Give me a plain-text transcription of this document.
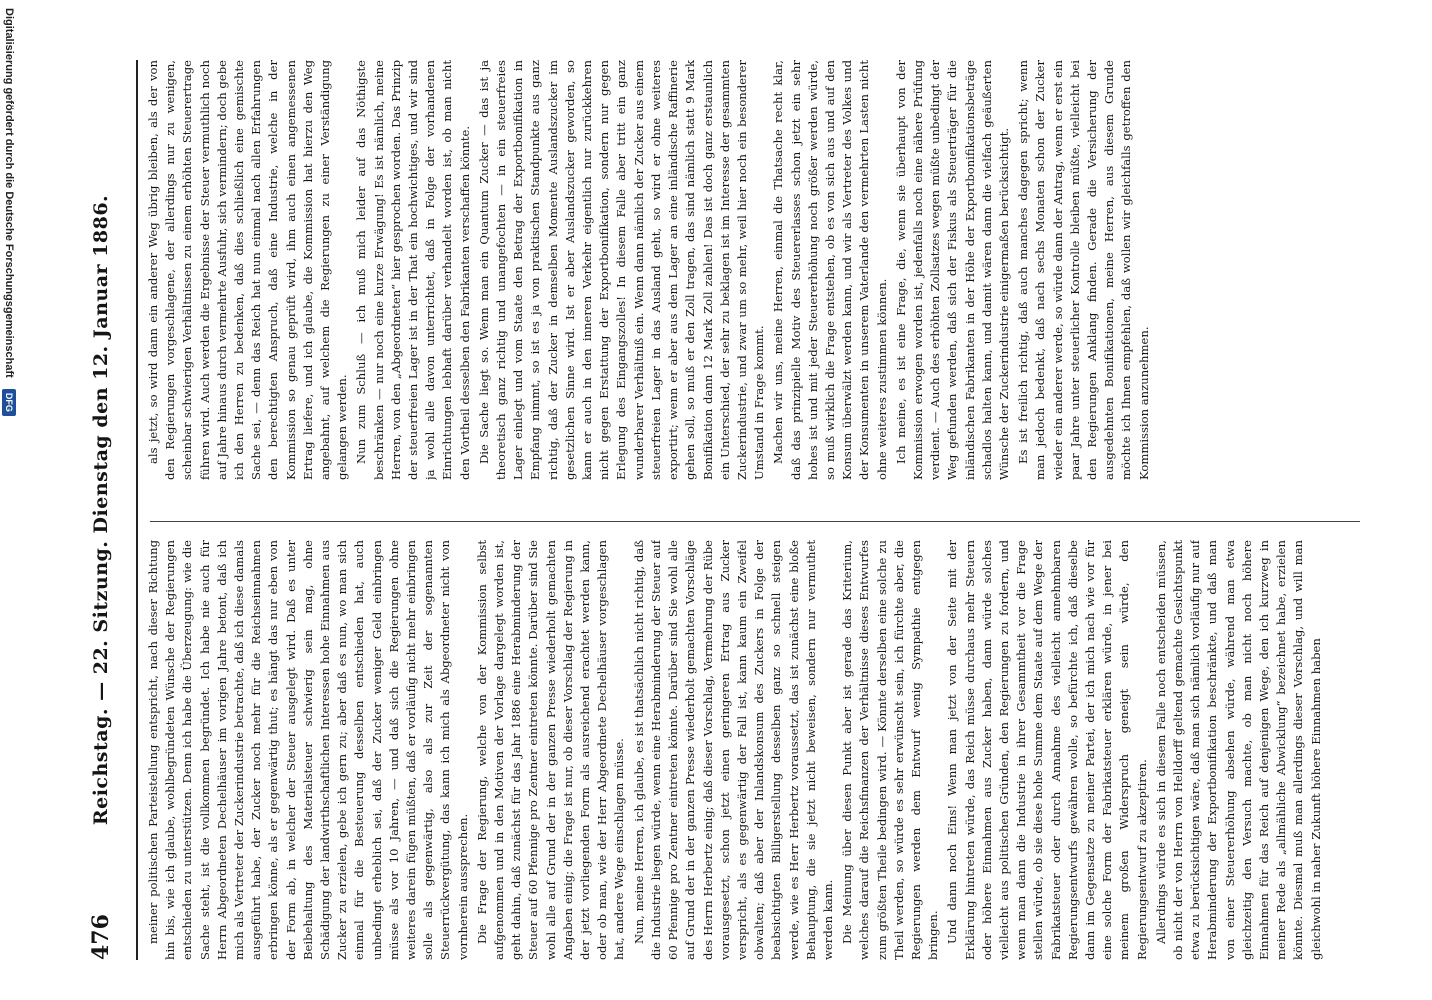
476
Reichstag. — 22. Sitzung. Dienstag den 12. Januar 1886.	meiner politischen Parteistellung entspricht, nach dieser Richtung hin bis, wie ich glaube, wohlbegründeten Wünsche der Regierungen entschieden zu unterstützen. Denn ich habe die Überzeugung: wie die Sache steht, ist die vollkommen begründet. Ich habe nie auch für Herrn Abgeordneten Dechelhäuser im vorigen Jahre betont, daß ich mich als Vertreter der Zuckerindustrie betrachte, daß ich diese damals ausgeführt habe, der Zucker noch mehr für die Reichseinnahmen erbringen könne, als er gegenwärtig thut; es hängt das nur eben von der Form ab, in welcher der Steuer ausgelegt wird. Daß es unter Beibehaltung des Materialsteuer schwierig sein mag, ohne Schädigung der landwirthschaftlichen Interessen hohe Einnahmen aus Zucker zu erzielen, gebe ich gern zu; aber daß es nun, wo man sich einmal für die Besteuerung desselben entschieden hat, auch unbedingt erheblich sei, daß der Zucker weniger Geld einbringen müsse als vor 10 Jahren, — und daß sich die Regierungen ohne weiteres darein fügen müßten, daß er vorläufig nicht mehr einbringen solle als gegenwärtig, also als zur Zeit der sogenannten Steuerrückvergütung, das kann ich mich als Abgeordneter nicht von vornherein aussprechen. Die Frage der Regierung, welche von der Kommission selbst aufgenommen und in den Motiven der Vorlage dargelegt worden ist, geht dahin, daß zunächst für das Jahr 1886 eine Herabminderung der Steuer auf 60 Pfennige pro Zentner eintreten könnte. Darüber sind Sie wohl alle auf Grund der in der ganzen Presse wiederholt gemachten Angaben einig; die Frage ist nur, ob dieser Vorschlag der Regierung in der jetzt vorliegenden Form als ausreichend erachtet werden kann, oder ob man, wie der Herr Abgeordnete Dechelhäuser vorgeschlagen hat, andere Wege einschlagen müsse. Nun, meine Herren, ich glaube, es ist thatsächlich nicht richtig, daß die Industrie liegen würde, wenn eine Herabminderung der Steuer auf 60 Pfennige pro Zentner eintreten könnte. Darüber sind Sie wohl alle auf Grund der in der ganzen Presse wiederholt gemachten Vorschläge des Herrn Herbertz einig; daß dieser Vorschlag, Vermehrung der Rübe vorausgesetzt, schon jetzt einen geringeren Ertrag aus Zucker verspricht, als es gegenwärtig der Fall ist, kann kaum ein Zweifel obwalten; daß aber der Inlandskonsum des Zuckers in Folge der beabsichtigten Billigerstellung desselben ganz so schnell steigen werde, wie es Herr Herbertz voraussetzt, das ist zunächst eine bloße Behauptung, die sie jetzt nicht beweisen, sondern nur vermuthet werden kann. Die Meinung über diesen Punkt aber ist gerade das Kriterium, welches darauf die Reichsfinanzen der Verhältnisse dieses Entwurfes zum größten Theile bedingen wird. — Könnte derselben eine solche zu Theil werden, so würde es sehr erwünscht sein, ich fürchte aber, die Regierungen werden dem Entwurf wenig Sympathie entgegen bringen. Und dann noch Eins! Wenn man jetzt von der Seite mit der Erklärung hintreten würde, das Reich müsse durchaus mehr Steuern oder höhere Einnahmen aus Zucker haben, dann würde solches vielleicht aus politischen Gründen, den Regierungen zu fordern, und wenn man dann die Industrie in ihrer Gesammtheit vor die Frage stellen würde, ob sie diese hohe Summe dem Staate auf dem Wege der Fabrikatsteuer oder durch Annahme des vielleicht annehmbaren Regierungsentwurfs gewähren wolle, so befürchte ich, daß dieselbe dann im Gegensatze zu meiner Partei, der ich mich nach wie vor für eine solche Form der Fabrikatsteuer erklären würde, in jener bei meinem großen Widerspruch geneigt sein würde, den Regierungsentwurf zu akzeptiren. Allerdings würde es sich in diesem Falle noch entscheiden müssen, ob nicht der von Herrn von Helldorff geltend gemachte Gesichtspunkt etwa zu berücksichtigen wäre, daß man sich nämlich vorläufig nur auf Herabminderung der Exportbonifikation beschränkte, und daß man von einer Steuererhöhung absehen würde, während man etwa gleichzeitig den Versuch machte, ob man nicht noch höhere Einnahmen für das Reich auf denjenigen Wege, den ich kurzweg in meiner Rede als „allmähliche Abwicklung“ bezeichnet habe, erzielen könnte. Diesmal muß man allerdings dieser Vorschlag, und will man gleichwohl in naher Zukunft höhere Einnahmen haben

als jetzt, so wird dann ein anderer Weg übrig bleiben, als der von den Regierungen vorgeschlagene, der allerdings nur zu wenigen, scheinbar schwierigen Verhältnissen zu einem erhöhten Steuerertrage führen wird. Auch werden die Ergebnisse der Steuer vermuthlich noch auf Jahre hinaus durch vermehrte Ausfuhr, sich vermindern; doch gebe ich den Herren zu bedenken, daß dies schließlich eine gemischte Sache sei, — denn das Reich hat nun einmal nach allen Erfahrungen den berechtigten Anspruch, daß eine Industrie, welche in der Kommission so genau geprüft wird, ihm auch einen angemessenen Ertrag liefere, und ich glaube, die Kommission hat hierzu den Weg angebahnt, auf welchem die Regierungen zu einer Verständigung gelangen werden. Nun zum Schluß — ich muß mich leider auf das Nöthigste beschränken — nur noch eine kurze Erwägung! Es ist nämlich, meine Herren, von den „Abgeordneten“ hier gesprochen worden. Das Prinzip der steuerfreien Lager ist in der That ein hochwichtiges, und wir sind ja wohl alle davon unterrichtet, daß in Folge der vorhandenen Einrichtungen lebhaft darüber verhandelt worden ist, ob man nicht den Vortheil desselben den Fabrikanten verschaffen könnte. Die Sache liegt so. Wenn man ein Quantum Zucker — das ist ja theoretisch ganz richtig und unangefochten — in ein steuerfreies Lager einlegt und vom Staate den Betrag der Exportbonifikation in Empfang nimmt, so ist es ja von praktischen Standpunkte aus ganz richtig, daß der Zucker in demselben Momente Auslandszucker im gesetzlichen Sinne wird. Ist er aber Auslandszucker geworden, so kann er auch in den inneren Verkehr eigentlich nur zurückkehren nicht gegen Erstattung der Exportbonifikation, sondern nur gegen Erlegung des Eingangszolles! In diesem Falle aber tritt ein ganz wunderbarer Verhältniß ein. Wenn dann nämlich der Zucker aus einem steuerfreien Lager in das Ausland geht, so wird er ohne weiteres exportirt; wenn er aber aus dem Lager an eine inländische Raffinerie gehen soll, so muß er den Zoll tragen, das sind nämlich statt 9 Mark Bonifikation dann 12 Mark Zoll zahlen! Das ist doch ganz erstaunlich ein Unterschied, der sehr zu beklagen ist im Interesse der gesammten Zuckerindustrie, und zwar um so mehr, weil hier noch ein besonderer Umstand in Frage kommt. Machen wir uns, meine Herren, einmal die Thatsache recht klar, daß das prinzipielle Motiv des Steuererlasses schon jetzt ein sehr hohes ist und mit jeder Steuererhöhung noch größer werden würde, so muß wirklich die Frage entstehen, ob es von sich aus und auf den Konsum überwälzt werden kann, und wir als Vertreter des Volkes und der Konsumenten in unserem Vaterlande den vermehrten Lasten nicht ohne weiteres zustimmen können. Ich meine, es ist eine Frage, die, wenn sie überhaupt von der Kommission erwogen worden ist, jedenfalls noch eine nähere Prüfung verdient. — Auch des erhöhten Zollsatzes wegen müßte unbedingt der Weg gefunden werden, daß sich der Fiskus als Steuerträger für die inländischen Fabrikanten in der Höhe der Exportbonifikationsbeträge schadlos halten kann, und damit wären dann die vielfach geäußerten Wünsche der Zuckerindustrie einigermaßen berücksichtigt. Es ist freilich richtig, daß auch manches dagegen spricht; wenn man jedoch bedenkt, daß nach sechs Monaten schon der Zucker wieder ein anderer werde, so würde dann der Antrag, wenn er erst ein paar Jahre unter steuerlicher Kontrolle bleiben müßte, vielleicht bei den Regierungen Anklang finden. Gerade die Versicherung der ausgedehnten Bonifikationen, meine Herren, aus diesem Grunde möchte ich Ihnen empfehlen, daß wollen wir gleichfalls getroffen den Kommission anzunehmen.

Digitalisierung gefördert durch die Deutsche Forschungsgemeinschaft DFG
